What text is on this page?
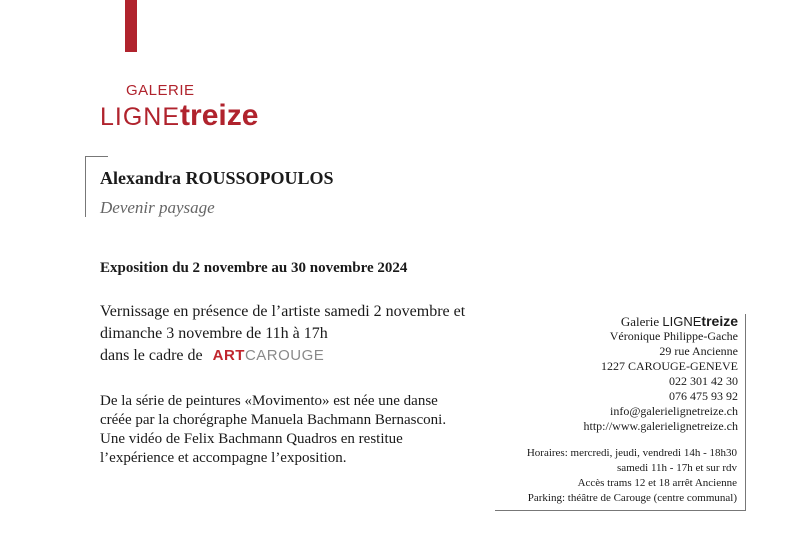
GALERIE
LIGNEtreize
Alexandra ROUSSOPOULOS
Devenir paysage
Exposition du 2 novembre au 30 novembre 2024
Vernissage en présence de l’artiste samedi 2 novembre et
dimanche 3 novembre de 11h à 17h
dans le cadre de ARTCAROUGE
De la série de peintures «Movimento» est née une danse
créée par la chorégraphe Manuela Bachmann Bernasconi.
Une vidéo de Felix Bachmann Quadros en restitue
l’expérience et accompagne l’exposition.
Galerie LIGNEtreize
Véronique Philippe-Gache
29 rue Ancienne
1227 CAROUGE-GENEVE
022 301 42 30
076 475 93 92
info@galerielignetreize.ch
http://www.galerielignetreize.ch
Horaires: mercredi, jeudi, vendredi 14h - 18h30
samedi 11h - 17h et sur rdv
Accès trams 12 et 18 arrêt Ancienne
Parking: théâtre de Carouge (centre communal)
